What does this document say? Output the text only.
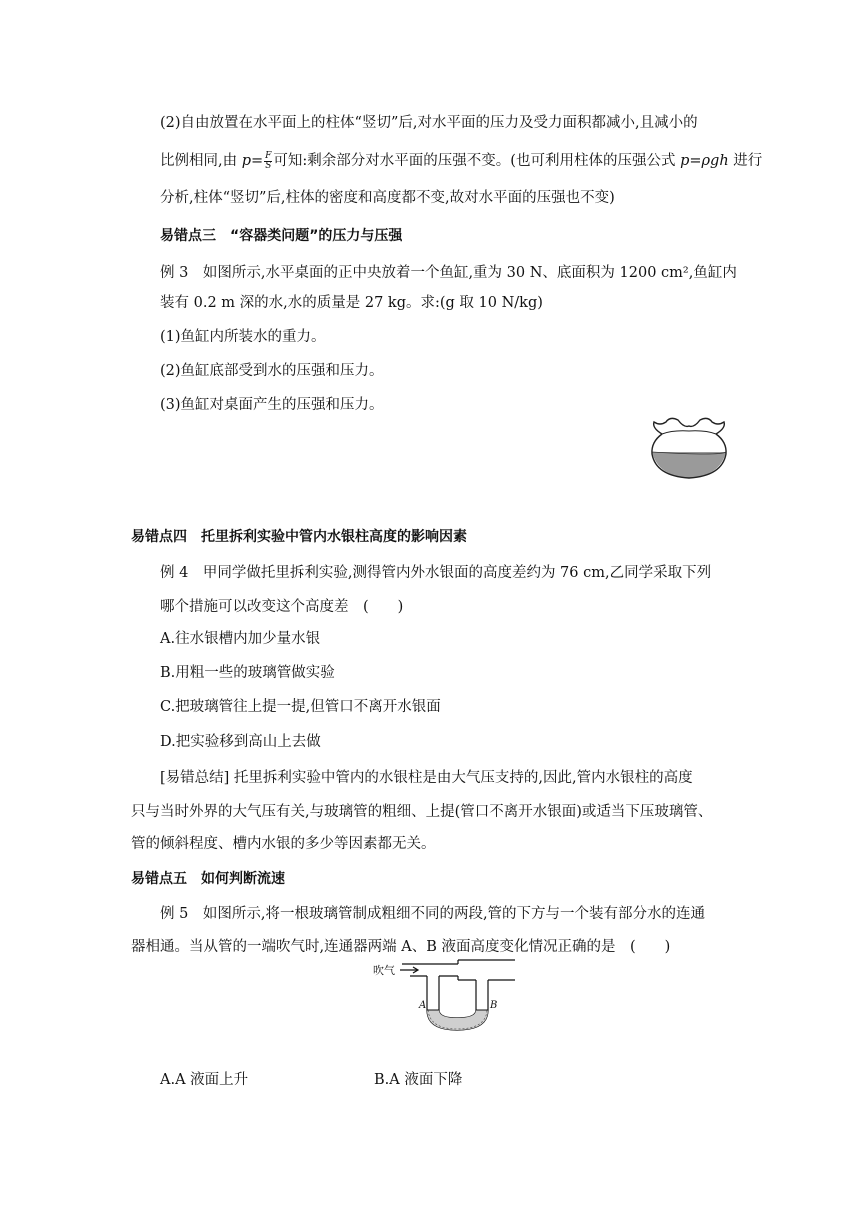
(2)自由放置在水平面上的柱体“竖切”后,对水平面的压力及受力面积都减小,且减小的
比例相同,由 $p= \frac{F}{S}$ 可知:剩余部分对水平面的压强不变。(也可利用柱体的压强公式 p=ρgh 进行
分析,柱体“竖切”后,柱体的密度和高度都不变,故对水平面的压强也不变)
易错点三　“容器类问题”的压力与压强
例 3　如图所示,水平桌面的正中央放着一个鱼缸,重为 30 N、底面积为 1200 cm²,鱼缸内
装有 0.2 m 深的水,水的质量是 27 kg。求:(g 取 10 N/kg)
(1)鱼缸内所装水的重力。
(2)鱼缸底部受到水的压强和压力。
(3)鱼缸对桌面产生的压强和压力。
易错点四　托里拆利实验中管内水银柱高度的影响因素
例 4　甲同学做托里拆利实验,测得管内外水银面的高度差约为 76 cm,乙同学采取下列
哪个措施可以改变这个高度差　(　　)
A.往水银槽内加少量水银
B.用粗一些的玻璃管做实验
C.把玻璃管往上提一提,但管口不离开水银面
D.把实验移到高山上去做
[易错总结] 托里拆利实验中管内的水银柱是由大气压支持的,因此,管内水银柱的高度
只与当时外界的大气压有关,与玻璃管的粗细、上提(管口不离开水银面)或适当下压玻璃管、
管的倾斜程度、槽内水银的多少等因素都无关。
易错点五　如何判断流速
例 5　如图所示,将一根玻璃管制成粗细不同的两段,管的下方与一个装有部分水的连通
器相通。当从管的一端吹气时,连通器两端 A、B 液面高度变化情况正确的是　(　　)
吹气
A	B
A.A 液面上升	B.A 液面下降
